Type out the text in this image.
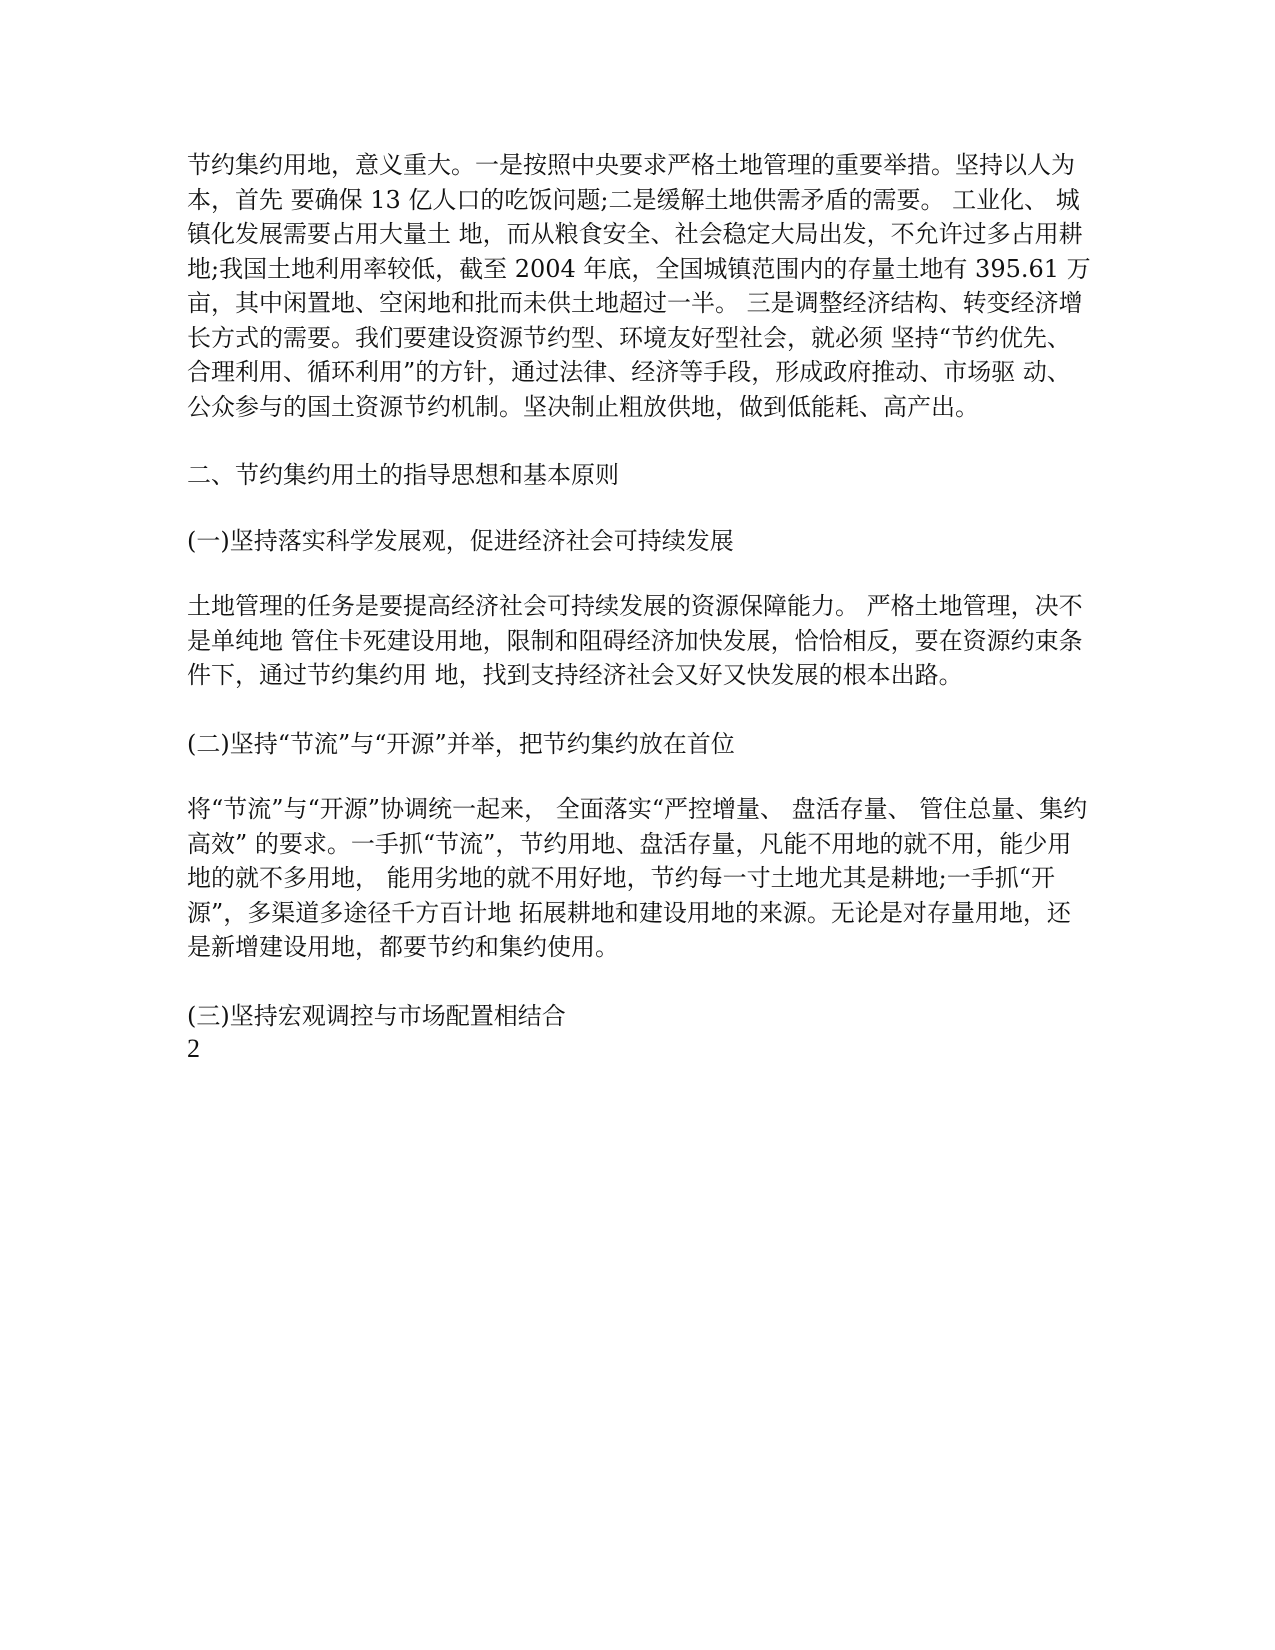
节约集约用地，意义重大。一是按照中央要求严格土地管理的重要举措。坚持以人为本，首先 要确保 13 亿人口的吃饭问题;二是缓解土地供需矛盾的需要。 工业化、 城镇化发展需要占用大量土 地，而从粮食安全、社会稳定大局出发，不允许过多占用耕地;我国土地利用率较低，截至 2004 年底，全国城镇范围内的存量土地有 395.61 万亩，其中闲置地、空闲地和批而未供土地超过一半。 三是调整经济结构、转变经济增长方式的需要。我们要建设资源节约型、环境友好型社会，就必须 坚持“节约优先、合理利用、循环利用”的方针，通过法律、经济等手段，形成政府推动、市场驱 动、公众参与的国土资源节约机制。坚决制止粗放供地，做到低能耗、高产出。

二、节约集约用土的指导思想和基本原则

(一)坚持落实科学发展观，促进经济社会可持续发展

土地管理的任务是要提高经济社会可持续发展的资源保障能力。 严格土地管理，决不是单纯地 管住卡死建设用地，限制和阻碍经济加快发展，恰恰相反，要在资源约束条件下，通过节约集约用 地，找到支持经济社会又好又快发展的根本出路。

(二)坚持“节流”与“开源”并举，把节约集约放在首位

将“节流”与“开源”协调统一起来， 全面落实“严控增量、 盘活存量、 管住总量、集约高效” 的要求。一手抓“节流”，节约用地、盘活存量，凡能不用地的就不用，能少用地的就不多用地， 能用劣地的就不用好地，节约每一寸土地尤其是耕地;一手抓“开源”，多渠道多途径千方百计地 拓展耕地和建设用地的来源。无论是对存量用地，还是新增建设用地，都要节约和集约使用。

(三)坚持宏观调控与市场配置相结合

2
